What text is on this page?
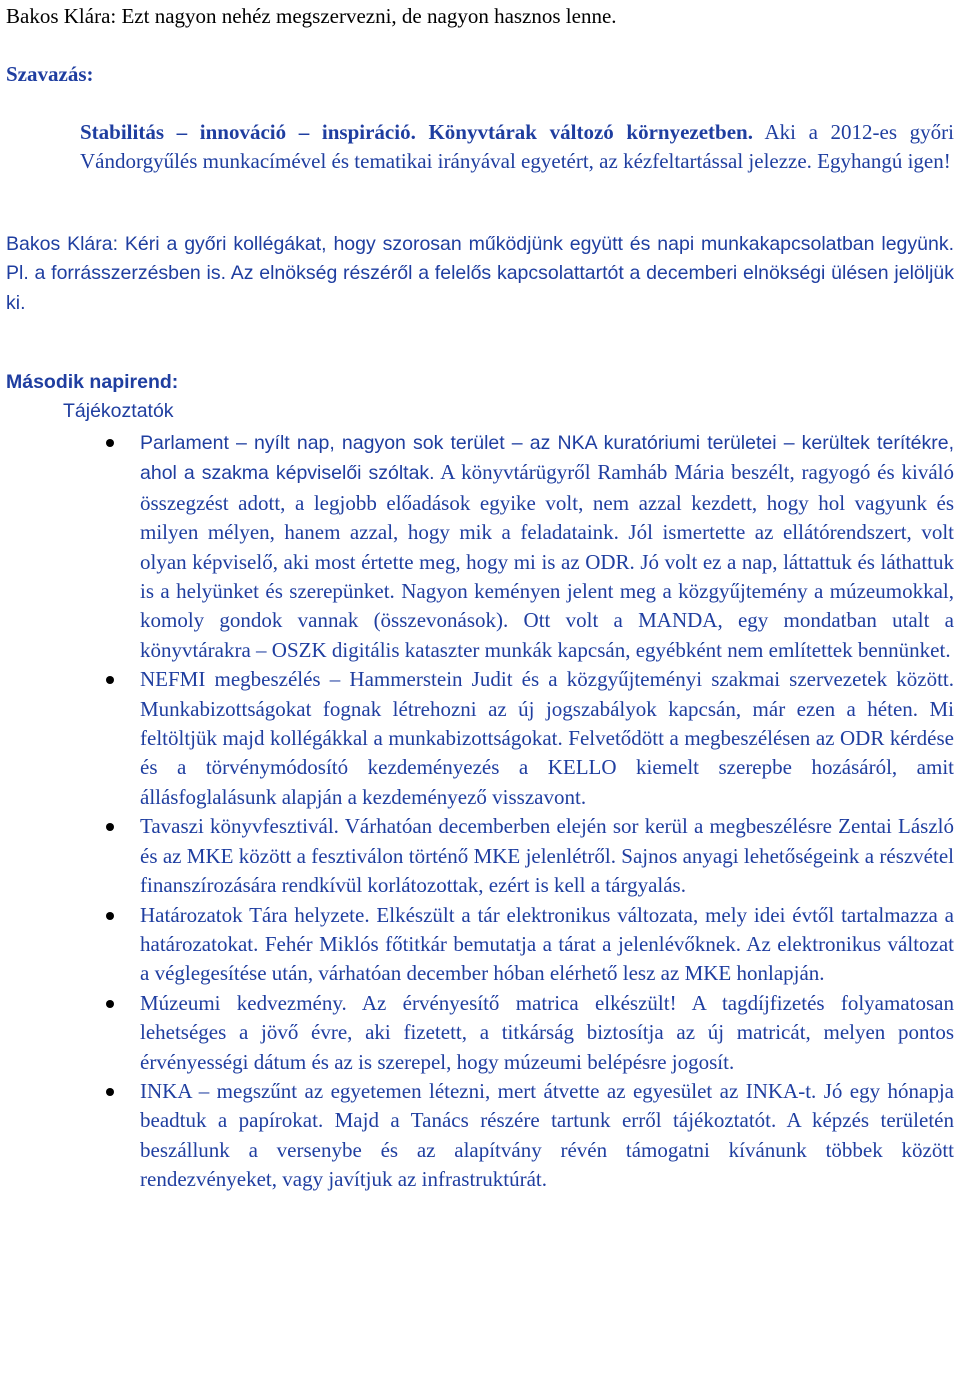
Bakos Klára: Ezt nagyon nehéz megszervezni, de nagyon hasznos lenne.

Szavazás:

Stabilitás – innováció – inspiráció. Könyvtárak változó környezetben. Aki a 2012-es győri Vándorgyűlés munkacímével és tematikai irányával egyetért, az kézfeltartással jelezze. Egyhangú igen!

Bakos Klára: Kéri a győri kollégákat, hogy szorosan működjünk együtt és napi munkakapcsolatban legyünk. Pl. a forrásszerzésben is. Az elnökség részéről a felelős kapcsolattartót a decemberi elnökségi ülésen jelöljük ki.

Második napirend:

Tájékoztatók

Parlament – nyílt nap, nagyon sok terület – az NKA kuratóriumi területei – kerültek terítékre, ahol a szakma képviselői szóltak. A könyvtárügyről Ramháb Mária beszélt, ragyogó és kiváló összegzést adott, a legjobb előadások egyike volt, nem azzal kezdett, hogy hol vagyunk és milyen mélyen, hanem azzal, hogy mik a feladataink. Jól ismertette az ellátórendszert, volt olyan képviselő, aki most értette meg, hogy mi is az ODR. Jó volt ez a nap, láttattuk és láthattuk is a helyünket és szerepünket. Nagyon keményen jelent meg a közgyűjtemény a múzeumokkal, komoly gondok vannak (összevonások). Ott volt a MANDA, egy mondatban utalt a könyvtárakra – OSZK digitális kataszter munkák kapcsán, egyébként nem említettek bennünket.
NEFMI megbeszélés – Hammerstein Judit és a közgyűjteményi szakmai szervezetek között. Munkabizottságokat fognak létrehozni az új jogszabályok kapcsán, már ezen a héten. Mi feltöltjük majd kollégákkal a munkabizottságokat. Felvetődött a megbeszélésen az ODR kérdése és a törvénymódosító kezdeményezés a KELLO kiemelt szerepbe hozásáról, amit állásfoglalásunk alapján a kezdeményező visszavont.
Tavaszi könyvfesztivál. Várhatóan decemberben elején sor kerül a megbeszélésre Zentai László és az MKE között a fesztiválon történő MKE jelenlétről. Sajnos anyagi lehetőségeink a részvétel finanszírozására rendkívül korlátozottak, ezért is kell a tárgyalás.
Határozatok Tára helyzete. Elkészült a tár elektronikus változata, mely idei évtől tartalmazza a határozatokat. Fehér Miklós főtitkár bemutatja a tárat a jelenlévőknek. Az elektronikus változat a véglegesítése után, várhatóan december hóban elérhető lesz az MKE honlapján.
Múzeumi kedvezmény. Az érvényesítő matrica elkészült! A tagdíjfizetés folyamatosan lehetséges a jövő évre, aki fizetett, a titkárság biztosítja az új matricát, melyen pontos érvényességi dátum és az is szerepel, hogy múzeumi belépésre jogosít.
INKA – megszűnt az egyetemen létezni, mert átvette az egyesület az INKA-t. Jó egy hónapja beadtuk a papírokat. Majd a Tanács részére tartunk erről tájékoztatót. A képzés területén beszállunk a versenybe és az alapítvány révén támogatni kívánunk többek között rendezvényeket, vagy javítjuk az infrastruktúrát.
